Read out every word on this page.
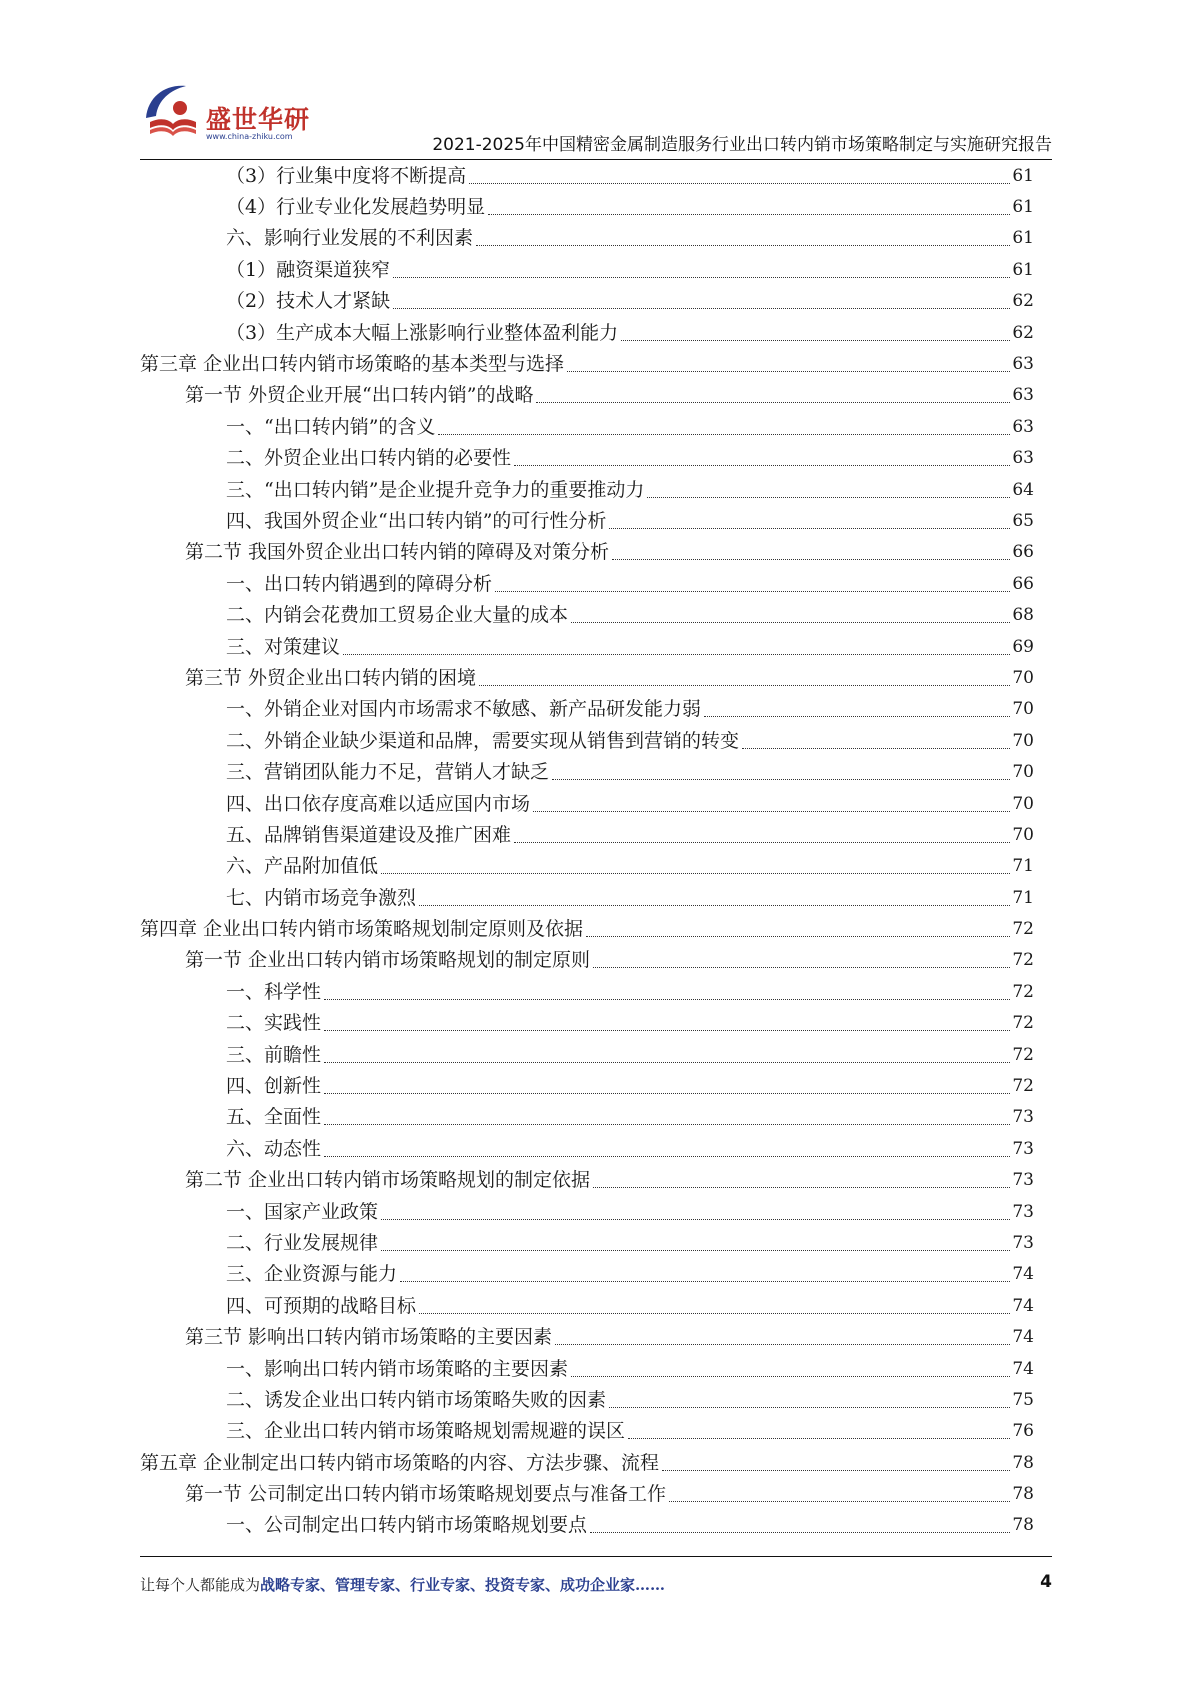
盛世华研
www.china-zhiku.com	2021-2025年中国精密金属制造服务行业出口转内销市场策略制定与实施研究报告
（3）行业集中度将不断提高	61
（4）行业专业化发展趋势明显	61
六、影响行业发展的不利因素	61
（1）融资渠道狭窄	61
（2）技术人才紧缺	62
（3）生产成本大幅上涨影响行业整体盈利能力	62
第三章 企业出口转内销市场策略的基本类型与选择	63
第一节 外贸企业开展“出口转内销”的战略	63
一、“出口转内销”的含义	63
二、外贸企业出口转内销的必要性	63
三、“出口转内销”是企业提升竞争力的重要推动力	64
四、我国外贸企业“出口转内销”的可行性分析	65
第二节 我国外贸企业出口转内销的障碍及对策分析	66
一、出口转内销遇到的障碍分析	66
二、内销会花费加工贸易企业大量的成本	68
三、对策建议	69
第三节 外贸企业出口转内销的困境	70
一、外销企业对国内市场需求不敏感、新产品研发能力弱	70
二、外销企业缺少渠道和品牌，需要实现从销售到营销的转变	70
三、营销团队能力不足，营销人才缺乏	70
四、出口依存度高难以适应国内市场	70
五、品牌销售渠道建设及推广困难	70
六、产品附加值低	71
七、内销市场竞争激烈	71
第四章 企业出口转内销市场策略规划制定原则及依据	72
第一节 企业出口转内销市场策略规划的制定原则	72
一、科学性	72
二、实践性	72
三、前瞻性	72
四、创新性	72
五、全面性	73
六、动态性	73
第二节 企业出口转内销市场策略规划的制定依据	73
一、国家产业政策	73
二、行业发展规律	73
三、企业资源与能力	74
四、可预期的战略目标	74
第三节 影响出口转内销市场策略的主要因素	74
一、影响出口转内销市场策略的主要因素	74
二、诱发企业出口转内销市场策略失败的因素	75
三、企业出口转内销市场策略规划需规避的误区	76
第五章 企业制定出口转内销市场策略的内容、方法步骤、流程	78
第一节 公司制定出口转内销市场策略规划要点与准备工作	78
一、公司制定出口转内销市场策略规划要点	78
让每个人都能成为战略专家、管理专家、行业专家、投资专家、成功企业家……	4
